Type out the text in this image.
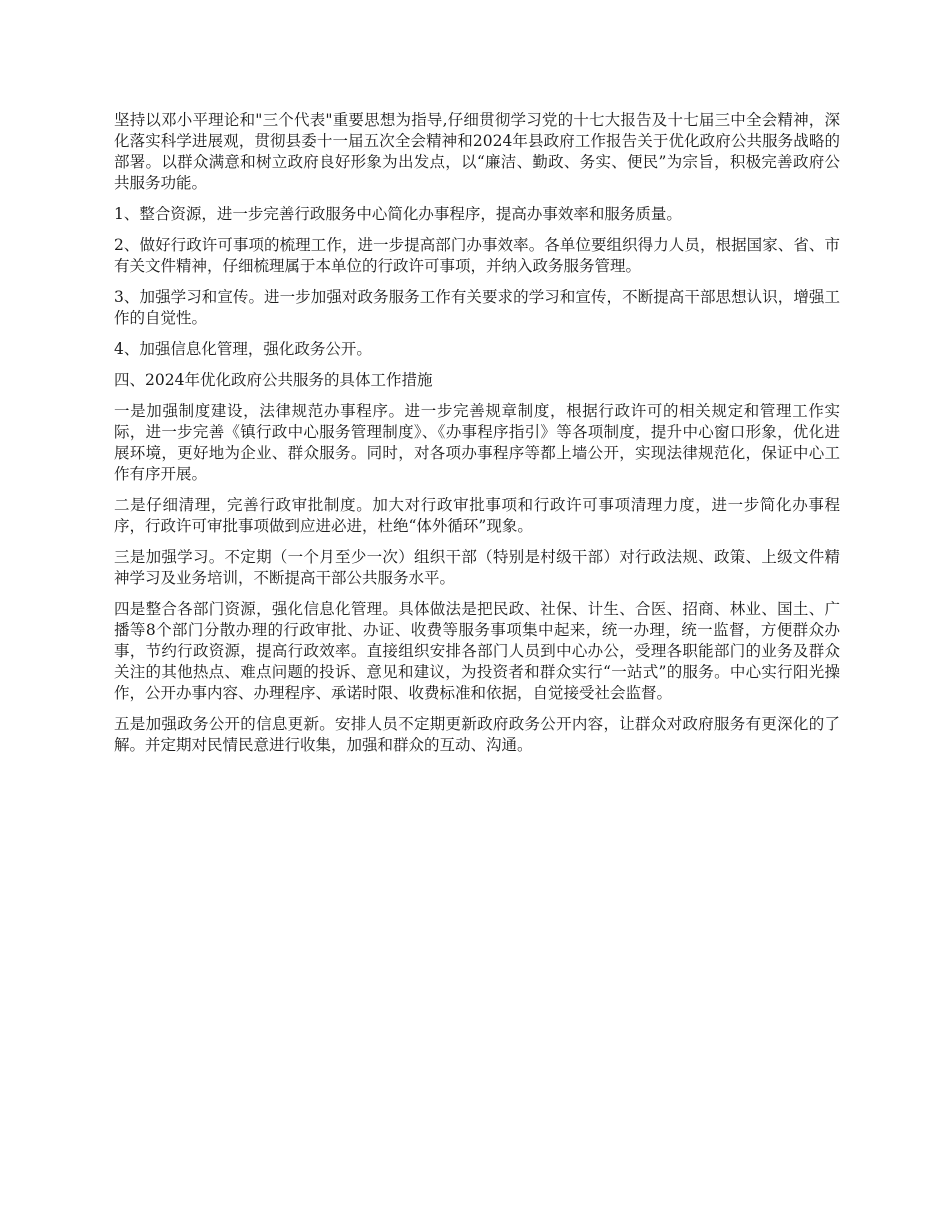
坚持以邓小平理论和"三个代表"重要思想为指导,仔细贯彻学习党的十七大报告及十七届三中全会精神，深化落实科学进展观，贯彻县委十一届五次全会精神和2024年县政府工作报告关于优化政府公共服务战略的部署。以群众满意和树立政府良好形象为出发点，以“廉洁、勤政、务实、便民”为宗旨，积极完善政府公共服务功能。

1、整合资源，进一步完善行政服务中心简化办事程序，提高办事效率和服务质量。

2、做好行政许可事项的梳理工作，进一步提高部门办事效率。各单位要组织得力人员，根据国家、省、市有关文件精神，仔细梳理属于本单位的行政许可事项，并纳入政务服务管理。

3、加强学习和宣传。进一步加强对政务服务工作有关要求的学习和宣传，不断提高干部思想认识，增强工作的自觉性。

4、加强信息化管理，强化政务公开。

四、2024年优化政府公共服务的具体工作措施

一是加强制度建设，法律规范办事程序。进一步完善规章制度，根据行政许可的相关规定和管理工作实际，进一步完善《镇行政中心服务管理制度》、《办事程序指引》等各项制度，提升中心窗口形象，优化进展环境，更好地为企业、群众服务。同时，对各项办事程序等都上墙公开，实现法律规范化，保证中心工作有序开展。

二是仔细清理，完善行政审批制度。加大对行政审批事项和行政许可事项清理力度，进一步简化办事程序，行政许可审批事项做到应进必进，杜绝“体外循环”现象。

三是加强学习。不定期（一个月至少一次）组织干部（特别是村级干部）对行政法规、政策、上级文件精神学习及业务培训，不断提高干部公共服务水平。

四是整合各部门资源，强化信息化管理。具体做法是把民政、社保、计生、合医、招商、林业、国土、广播等8个部门分散办理的行政审批、办证、收费等服务事项集中起来，统一办理，统一监督，方便群众办事，节约行政资源，提高行政效率。直接组织安排各部门人员到中心办公，受理各职能部门的业务及群众关注的其他热点、难点问题的投诉、意见和建议，为投资者和群众实行“一站式”的服务。中心实行阳光操作，公开办事内容、办理程序、承诺时限、收费标准和依据，自觉接受社会监督。

五是加强政务公开的信息更新。安排人员不定期更新政府政务公开内容，让群众对政府服务有更深化的了解。并定期对民情民意进行收集，加强和群众的互动、沟通。
